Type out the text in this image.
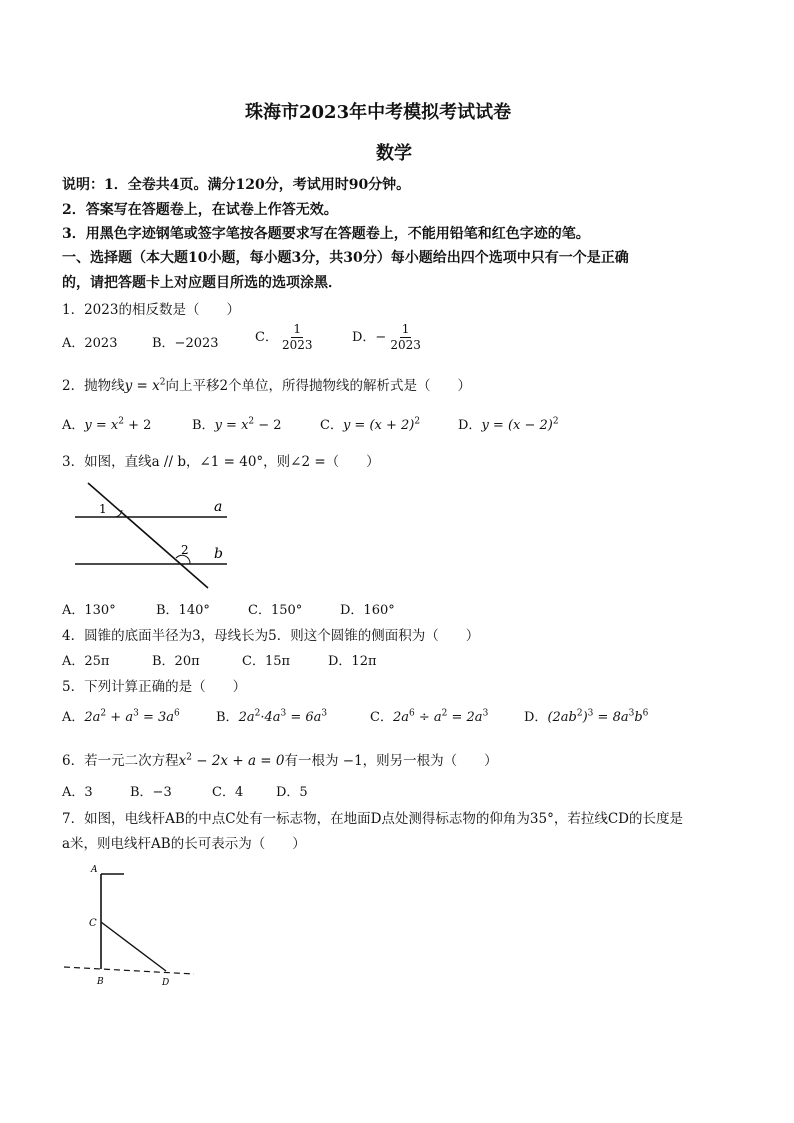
珠海市2023年中考模拟考试试卷
数学
说明：1．全卷共4页。满分120分，考试用时90分钟。
2．答案写在答题卷上，在试卷上作答无效。
3．用黑色字迹钢笔或签字笔按各题要求写在答题卷上，不能用铅笔和红色字迹的笔。
一、选择题（本大题10小题，每小题3分，共30分）每小题给出四个选项中只有一个是正确
的，请把答题卡上对应题目所选的选项涂黑．
1．2023的相反数是（　　）
A．2023	B．−2023	C． $\frac{1}{2023}$	D．− $\frac{1}{2023}$
2．抛物线$y = x^2$向上平移2个单位，所得抛物线的解析式是（　　）
A．$y = x^2 + 2$	B．$y = x^2 - 2$	C．$y = (x + 2)^2$	D．$y = (x - 2)^2$
3．如图，直线a // b，∠1 = 40°，则∠2 =（　　）
1
2
a
b
A．130°	B．140°	C．150°	D．160°
4．圆锥的底面半径为3，母线长为5．则这个圆锥的侧面积为（　　）
A．25π	B．20π	C．15π	D．12π
5．下列计算正确的是（　　）
A．$2a^2 + a^3 = 3a^6$	B．$2a^2\cdot 4a^3 = 6a^3$	C．$2a^6 \div a^2 = 2a^3$	D．$(2ab^2)^3 = 8a^3b^6$
6．若一元二次方程$x^2 - 2x + a = 0$有一根为 −1，则另一根为（　　）
A．3	B．−3	C．4	D．5
7．如图，电线杆AB的中点C处有一标志物，在地面D点处测得标志物的仰角为35°，若拉线CD的长度是
a米，则电线杆AB的长可表示为（　　）
A
C
B	D
